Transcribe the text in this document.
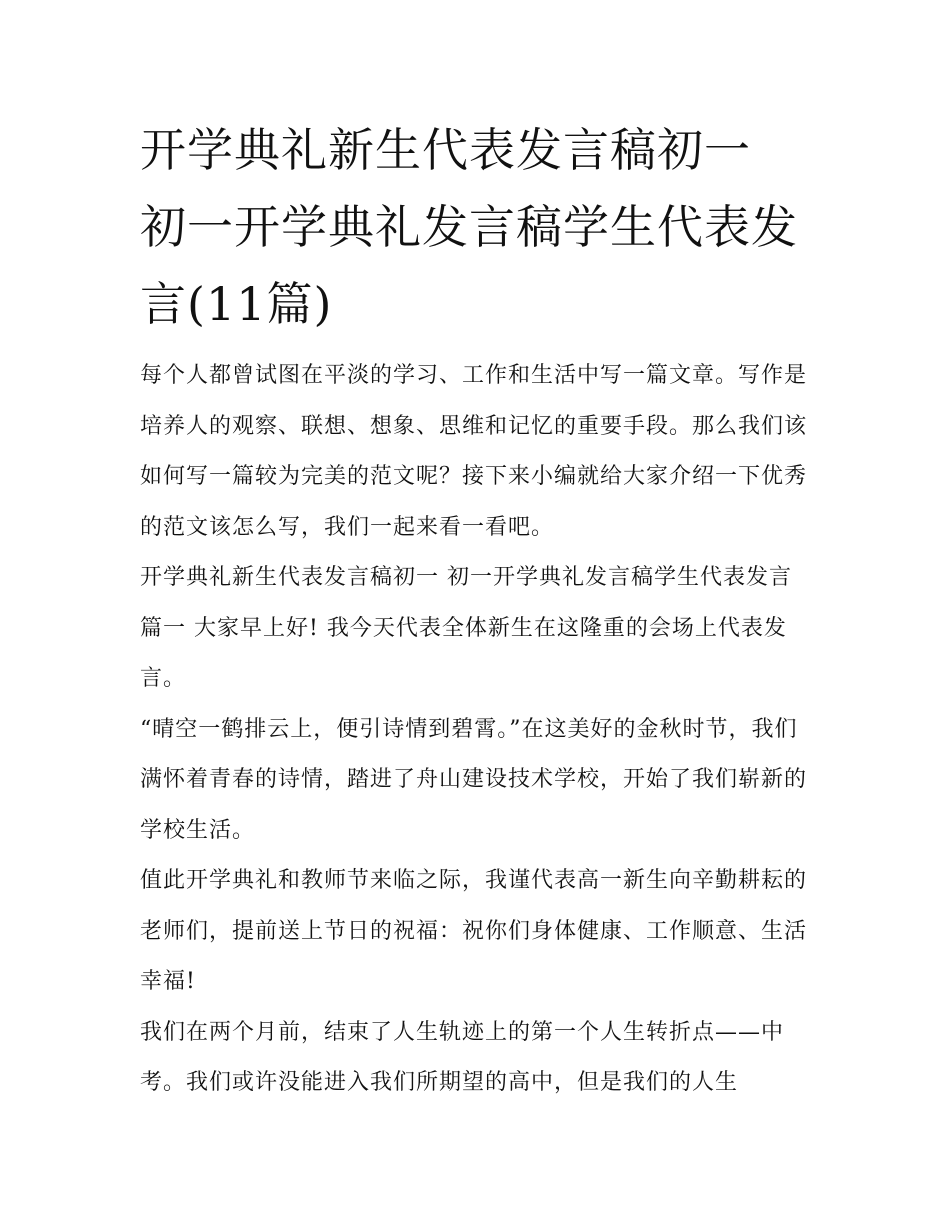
开学典礼新生代表发言稿初一 初一开学典礼发言稿学生代表发言(11篇)

每个人都曾试图在平淡的学习、工作和生活中写一篇文章。写作是培养人的观察、联想、想象、思维和记忆的重要手段。那么我们该如何写一篇较为完美的范文呢？接下来小编就给大家介绍一下优秀的范文该怎么写，我们一起来看一看吧。

开学典礼新生代表发言稿初一 初一开学典礼发言稿学生代表发言篇一 大家早上好! 我今天代表全体新生在这隆重的会场上代表发言。

“晴空一鹤排云上，便引诗情到碧霄。”在这美好的金秋时节，我们满怀着青春的诗情，踏进了舟山建设技术学校，开始了我们崭新的学校生活。

值此开学典礼和教师节来临之际，我谨代表高一新生向辛勤耕耘的老师们，提前送上节日的祝福：祝你们身体健康、工作顺意、生活幸福!

我们在两个月前，结束了人生轨迹上的第一个人生转折点——中考。我们或许没能进入我们所期望的高中，但是我们的人生
